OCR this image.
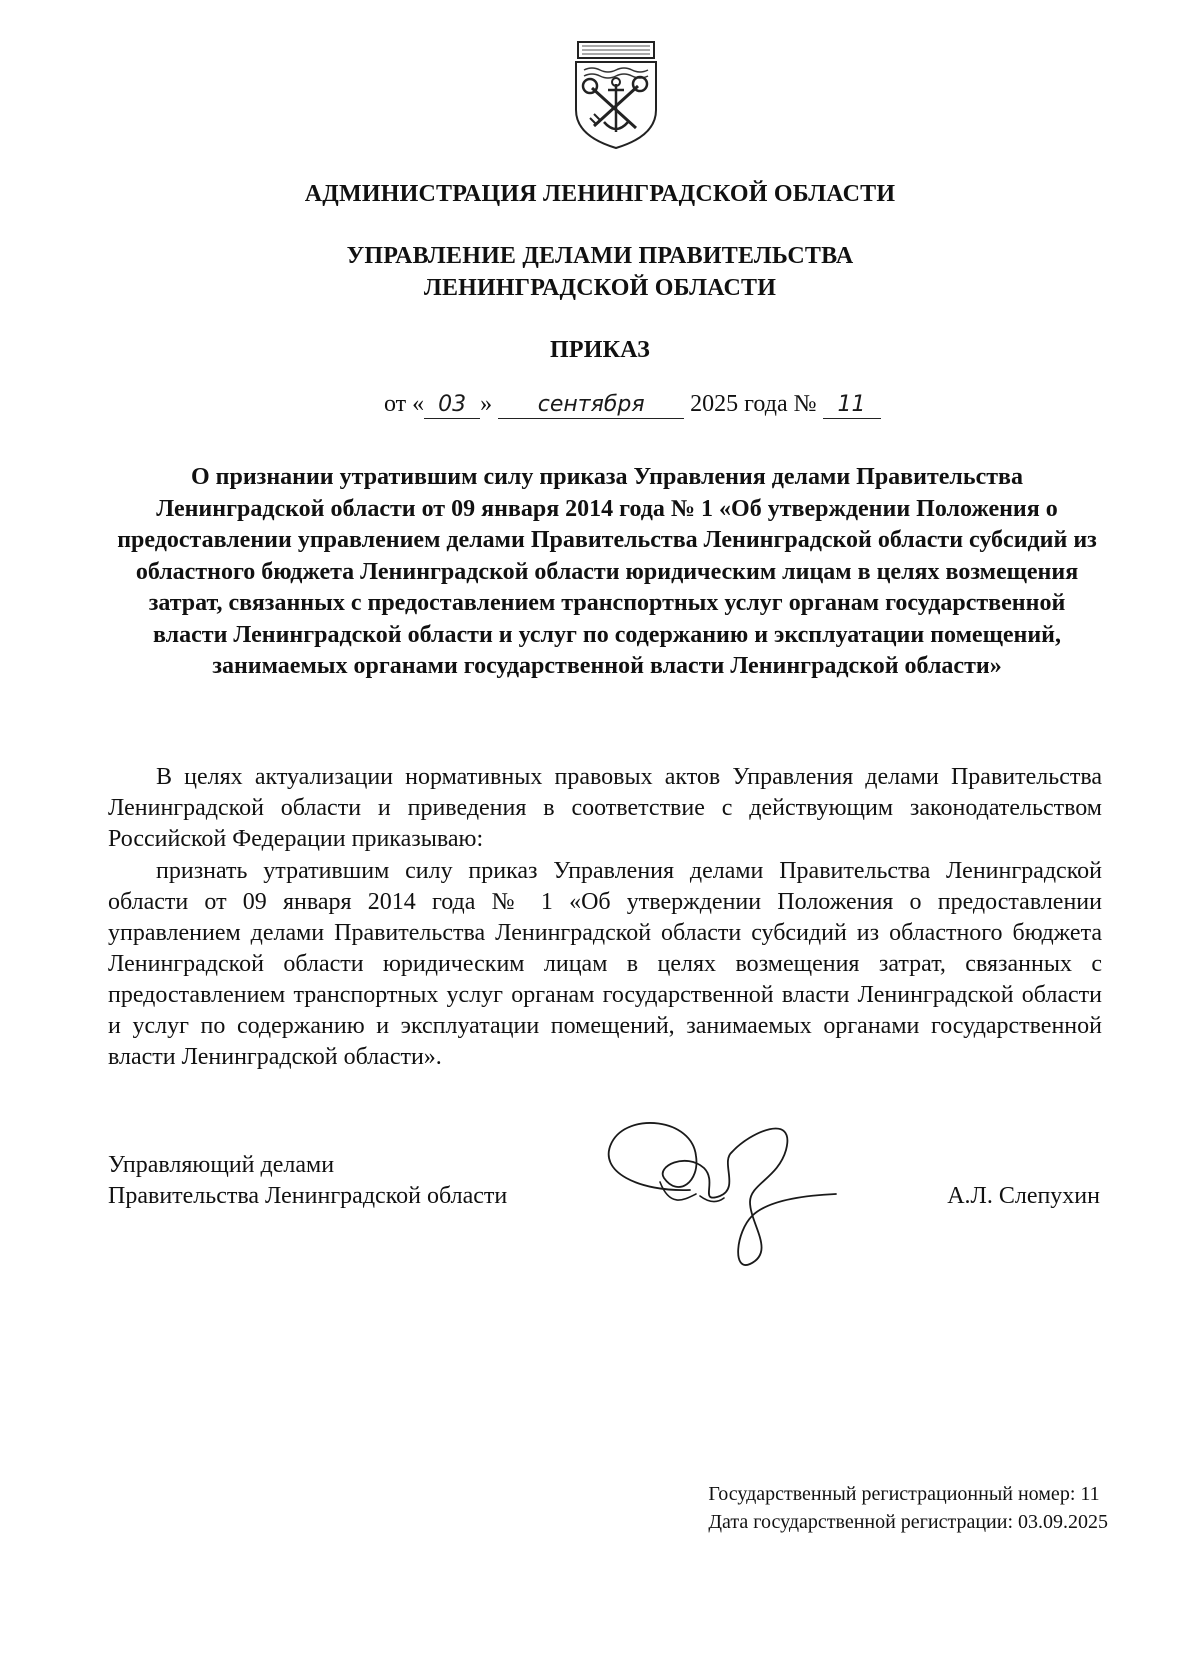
АДМИНИСТРАЦИЯ ЛЕНИНГРАДСКОЙ ОБЛАСТИ
УПРАВЛЕНИЕ ДЕЛАМИ ПРАВИТЕЛЬСТВА
ЛЕНИНГРАДСКОЙ ОБЛАСТИ
ПРИКАЗ
от « 03 » сентября 2025 года № 11
О признании утратившим силу приказа Управления делами Правительства Ленинградской области от 09 января 2014 года № 1 «Об утверждении Положения о предоставлении управлением делами Правительства Ленинградской области субсидий из областного бюджета Ленинградской области юридическим лицам в целях возмещения затрат, связанных с предоставлением транспортных услуг органам государственной власти Ленинградской области и услуг по содержанию и эксплуатации помещений, занимаемых органами государственной власти Ленинградской области»
В целях актуализации нормативных правовых актов Управления делами Правительства Ленинградской области и приведения в соответствие с действующим законодательством Российской Федерации приказываю:
признать утратившим силу приказ Управления делами Правительства Ленинградской области от 09 января 2014 года № 1 «Об утверждении Положения о предоставлении управлением делами Правительства Ленинградской области субсидий из областного бюджета Ленинградской области юридическим лицам в целях возмещения затрат, связанных с предоставлением транспортных услуг органам государственной власти Ленинградской области и услуг по содержанию и эксплуатации помещений, занимаемых органами государственной власти Ленинградской области».
Управляющий делами
Правительства Ленинградской области	А.Л. Слепухин
Государственный регистрационный номер: 11
Дата государственной регистрации: 03.09.2025
